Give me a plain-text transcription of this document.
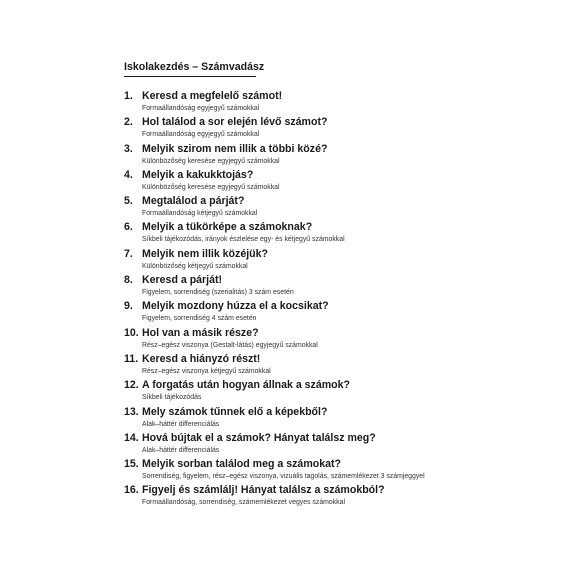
Iskolakezdés – Számvadász
1. Keresd a megfelelő számot!
Formaállandóság egyjegyű számokkal
2. Hol találod a sor elején lévő számot?
Formaállandóság egyjegyű számokkal
3. Melyik szirom nem illik a többi közé?
Különbözőség keresése egyjegyű számokkal
4. Melyik a kakukktojás?
Különbözőség keresése egyjegyű számokkal
5. Megtalálod a párját?
Formaállandóság kétjegyű számokkal
6. Melyik a tükörképe a számoknak?
Síkbeli tájékozódás, irányok észlelése egy- és kétjegyű számokkal
7. Melyik nem illik közéjük?
Különbözőség kétjegyű számokkal
8. Keresd a párját!
Figyelem, sorrendiség (szerialitás) 3 szám esetén
9. Melyik mozdony húzza el a kocsikat?
Figyelem, sorrendiség 4 szám esetén
10. Hol van a másik része?
Rész–egész viszonya (Gestalt-látás) egyjegyű számokkal
11. Keresd a hiányzó részt!
Rész–egész viszonya kétjegyű számokkal
12. A forgatás után hogyan állnak a számok?
Síkbeli tájékozódás
13. Mely számok tűnnek elő a képekből?
Alak–háttér differenciálás
14. Hová bújtak el a számok? Hányat találsz meg?
Alak–háttér differenciálás
15. Melyik sorban találod meg a számokat?
Sorrendiség, figyelem, rész–egész viszonya, vizuális tagolás, számemlékezet 3 számjeggyel
16. Figyelj és számlálj! Hányat találsz a számokból?
Formaállandóság, sorrendiség, számemlékezet vegyes számokkal
